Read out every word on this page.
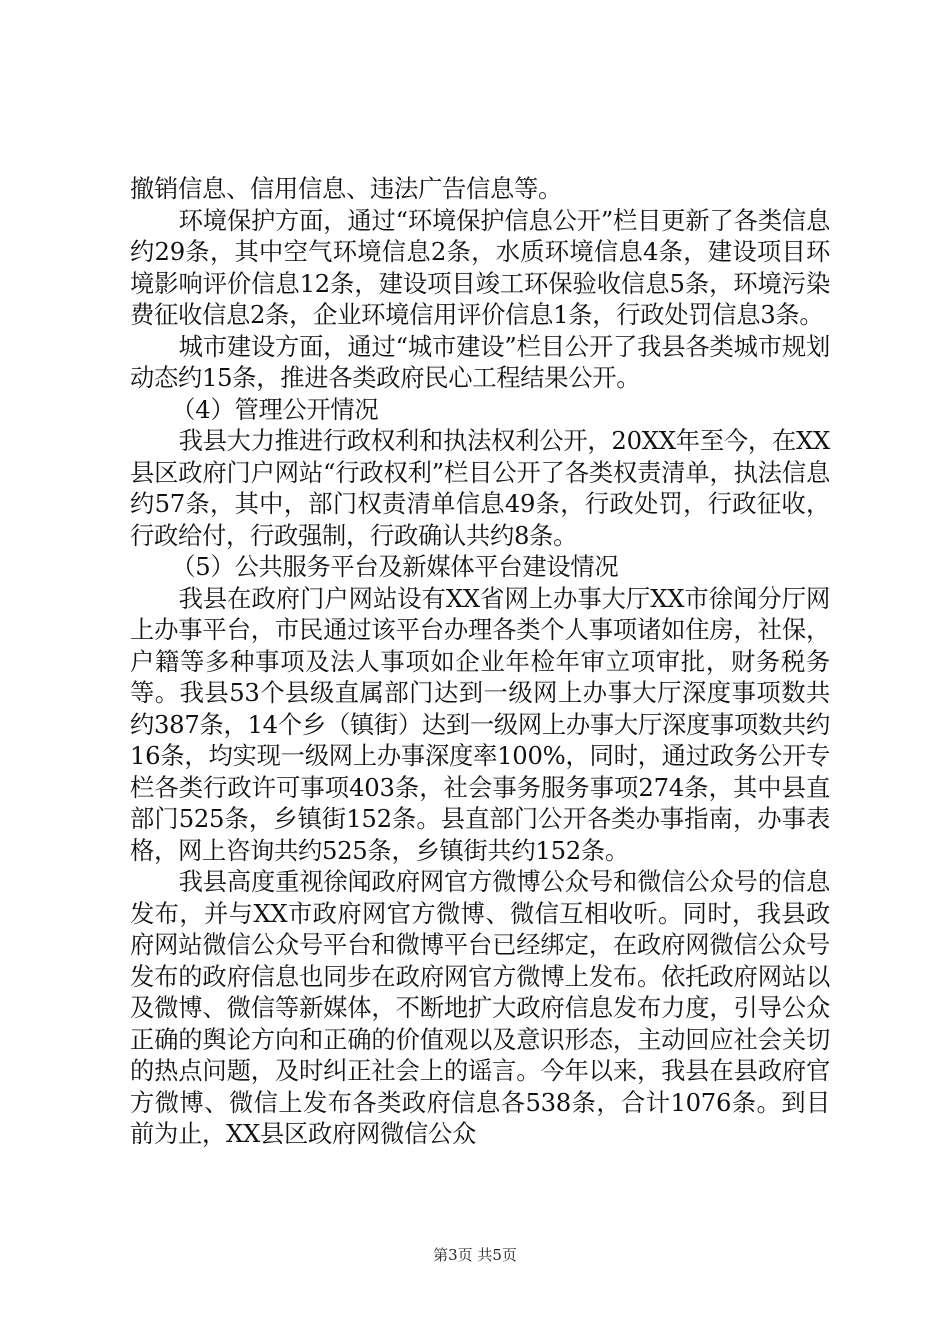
撤销信息、信用信息、违法广告信息等。

环境保护方面，通过“环境保护信息公开”栏目更新了各类信息约29条，其中空气环境信息2条，水质环境信息4条，建设项目环境影响评价信息12条，建设项目竣工环保验收信息5条，环境污染费征收信息2条，企业环境信用评价信息1条，行政处罚信息3条。

城市建设方面，通过“城市建设”栏目公开了我县各类城市规划动态约15条，推进各类政府民心工程结果公开。

（4）管理公开情况

我县大力推进行政权利和执法权利公开，20XX年至今，在XX县区政府门户网站“行政权利”栏目公开了各类权责清单，执法信息约57条，其中，部门权责清单信息49条，行政处罚，行政征收，行政给付，行政强制，行政确认共约8条。

（5）公共服务平台及新媒体平台建设情况

我县在政府门户网站设有XX省网上办事大厅XX市徐闻分厅网上办事平台，市民通过该平台办理各类个人事项诸如住房，社保，户籍等多种事项及法人事项如企业年检年审立项审批，财务税务等。我县53个县级直属部门达到一级网上办事大厅深度事项数共约387条，14个乡（镇街）达到一级网上办事大厅深度事项数共约16条，均实现一级网上办事深度率100%，同时，通过政务公开专栏各类行政许可事项403条，社会事务服务事项274条，其中县直部门525条，乡镇街152条。县直部门公开各类办事指南，办事表格，网上咨询共约525条，乡镇街共约152条。

我县高度重视徐闻政府网官方微博公众号和微信公众号的信息发布，并与XX市政府网官方微博、微信互相收听。同时，我县政府网站微信公众号平台和微博平台已经绑定，在政府网微信公众号发布的政府信息也同步在政府网官方微博上发布。依托政府网站以及微博、微信等新媒体，不断地扩大政府信息发布力度，引导公众正确的舆论方向和正确的价值观以及意识形态，主动回应社会关切的热点问题，及时纠正社会上的谣言。今年以来，我县在县政府官方微博、微信上发布各类政府信息各538条，合计1076条。到目前为止，XX县区政府网微信公众

第3页 共5页
